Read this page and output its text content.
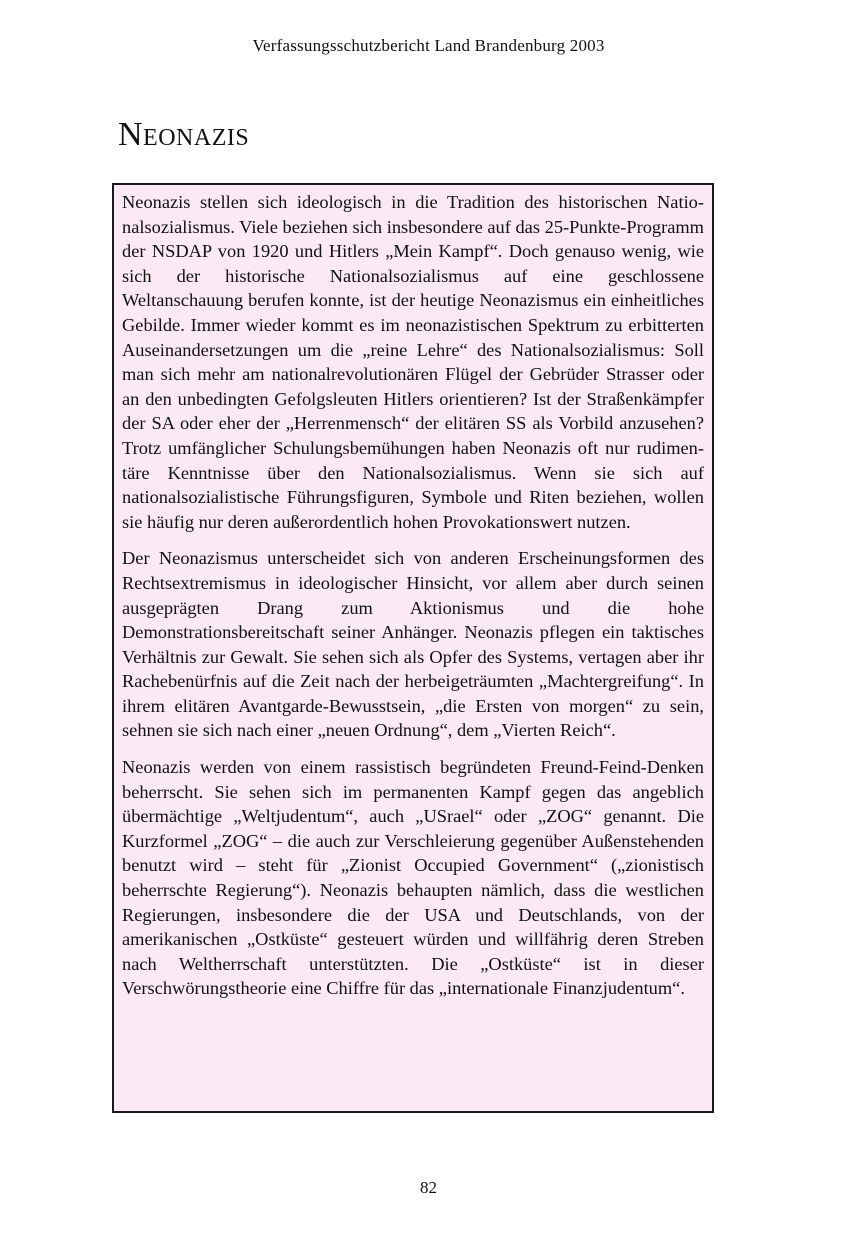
Verfassungsschutzbericht Land Brandenburg 2003
Neonazis

Neonazis stellen sich ideologisch in die Tradition des historischen Nationalsozialismus. Viele beziehen sich insbesondere auf das 25-Punkte-Programm der NSDAP von 1920 und Hitlers „Mein Kampf“. Doch genauso wenig, wie sich der historische Nationalsozialismus auf eine geschlossene Weltanschauung berufen konnte, ist der heutige Neonazismus ein einheitliches Gebilde. Immer wieder kommt es im neonazistischen Spektrum zu erbitterten Auseinandersetzungen um die „reine Lehre“ des Nationalsozialismus: Soll man sich mehr am nationalrevolutionären Flügel der Gebrüder Strasser oder an den unbedingten Gefolgsleuten Hitlers orientieren? Ist der Straßenkämpfer der SA oder eher der „Herrenmensch“ der elitären SS als Vorbild anzusehen? Trotz umfänglicher Schulungsbemühungen haben Neonazis oft nur rudimentäre Kenntnisse über den Nationalsozialismus. Wenn sie sich auf nationalsozialistische Führungsfiguren, Symbole und Riten beziehen, wollen sie häufig nur deren außerordentlich hohen Provokationswert nutzen.

Der Neonazismus unterscheidet sich von anderen Erscheinungsformen des Rechtsextremismus in ideologischer Hinsicht, vor allem aber durch seinen ausgeprägten Drang zum Aktionismus und die hohe Demonstrationsbereitschaft seiner Anhänger. Neonazis pflegen ein taktisches Verhältnis zur Gewalt. Sie sehen sich als Opfer des Systems, vertagen aber ihr Rachebenürfnis auf die Zeit nach der herbeigeträumten „Machtergreifung“. In ihrem elitären Avantgarde-Bewusstsein, „die Ersten von morgen“ zu sein, sehnen sie sich nach einer „neuen Ordnung“, dem „Vierten Reich“.

Neonazis werden von einem rassistisch begründeten Freund-Feind-Denken beherrscht. Sie sehen sich im permanenten Kampf gegen das angeblich übermächtige „Weltjudentum“, auch „USrael“ oder „ZOG“ genannt. Die Kurzformel „ZOG“ – die auch zur Verschleierung gegenüber Außenstehenden benutzt wird – steht für „Zionist Occupied Government“ („zionistisch beherrschte Regierung“). Neonazis behaupten nämlich, dass die westlichen Regierungen, insbesondere die der USA und Deutschlands, von der amerikanischen „Ostküste“ gesteuert würden und willfährig deren Streben nach Weltherrschaft unterstützten. Die „Ostküste“ ist in dieser Verschwörungstheorie eine Chiffre für das „internationale Finanzjudentum“.

82
